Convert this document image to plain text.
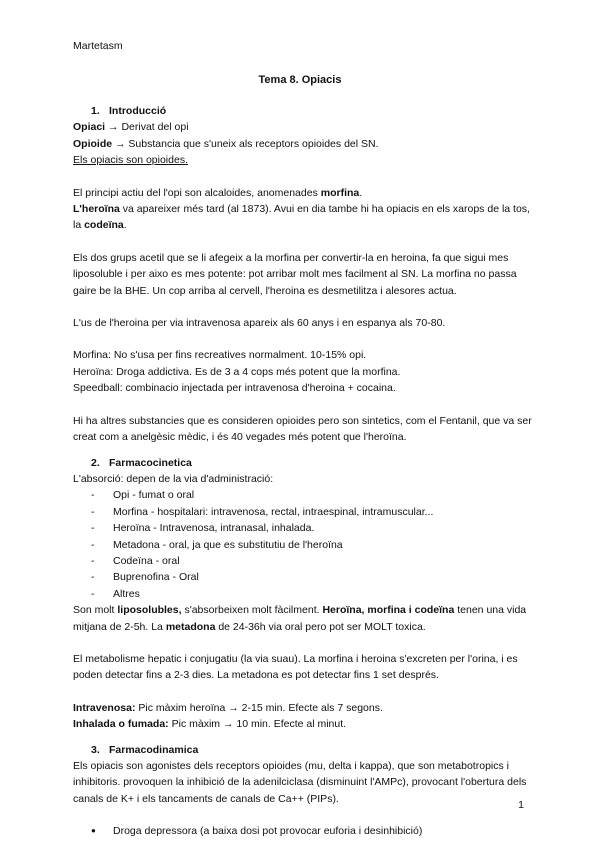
Martetasm
Tema 8. Opiacis
1. Introducció

Opiaci → Derivat del opi

Opioide → Substancia que s'uneix als receptors opioides del SN.

Els opiacis son opioides.

El principi actiu del l'opi son alcaloides, anomenades morfina.

L'heroïna va apareixer més tard (al 1873). Avui en dia tambe hi ha opiacis en els xarops de la tos, la codeïna.

Els dos grups acetil que se li afegeix a la morfina per convertir-la en heroina, fa que sigui mes liposoluble i per aixo es mes potente: pot arribar molt mes facilment al SN. La morfina no passa gaire be la BHE. Un cop arriba al cervell, l'heroina es desmetilitza i alesores actua.

L'us de l'heroina per via intravenosa apareix als 60 anys i en espanya als 70-80.

Morfina: No s'usa per fins recreatives normalment. 10-15% opi.

Heroïna: Droga addictiva. Es de 3 a 4 cops més potent que la morfina.

Speedball: combinacio injectada per intravenosa d'heroina + cocaina.

Hi ha altres substancies que es consideren opioides pero son sintetics, com el Fentanil, que va ser creat com a anelgèsic mèdic, i és 40 vegades més potent que l'heroïna.

2. Farmacocinetica

L'absorció: depen de la via d'administració:

- Opi - fumat o oral
- Morfina - hospitalari: intravenosa, rectal, intraespinal, intramuscular...
- Heroïna - Intravenosa, intranasal, inhalada.
- Metadona - oral, ja que es substitutiu de l'heroïna
- Codeïna - oral
- Buprenofina - Oral
- Altres

Son molt liposolubles, s'absorbeixen molt fàcilment. Heroïna, morfina i codeïna tenen una vida mitjana de 2-5h. La metadona de 24-36h via oral pero pot ser MOLT toxica.

El metabolisme hepatic i conjugatiu (la via suau). La morfina i heroina s'excreten per l'orina, i es poden detectar fins a 2-3 dies. La metadona es pot detectar fins 1 set després.

Intravenosa: Pic màxim heroïna → 2-15 min. Efecte als 7 segons.

Inhalada o fumada: Pic màxim → 10 min. Efecte al minut.

3. Farmacodinamica

Els opiacis son agonistes dels receptors opioides (mu, delta i kappa), que son metabotropics i inhibitoris. provoquen la inhibició de la adenilciclasa (disminuint l'AMPc), provocant l'obertura dels canals de K+ i els tancaments de canals de Ca++ (PIPs).

● Droga depressora (a baixa dosi pot provocar euforia i desinhibició)
1
